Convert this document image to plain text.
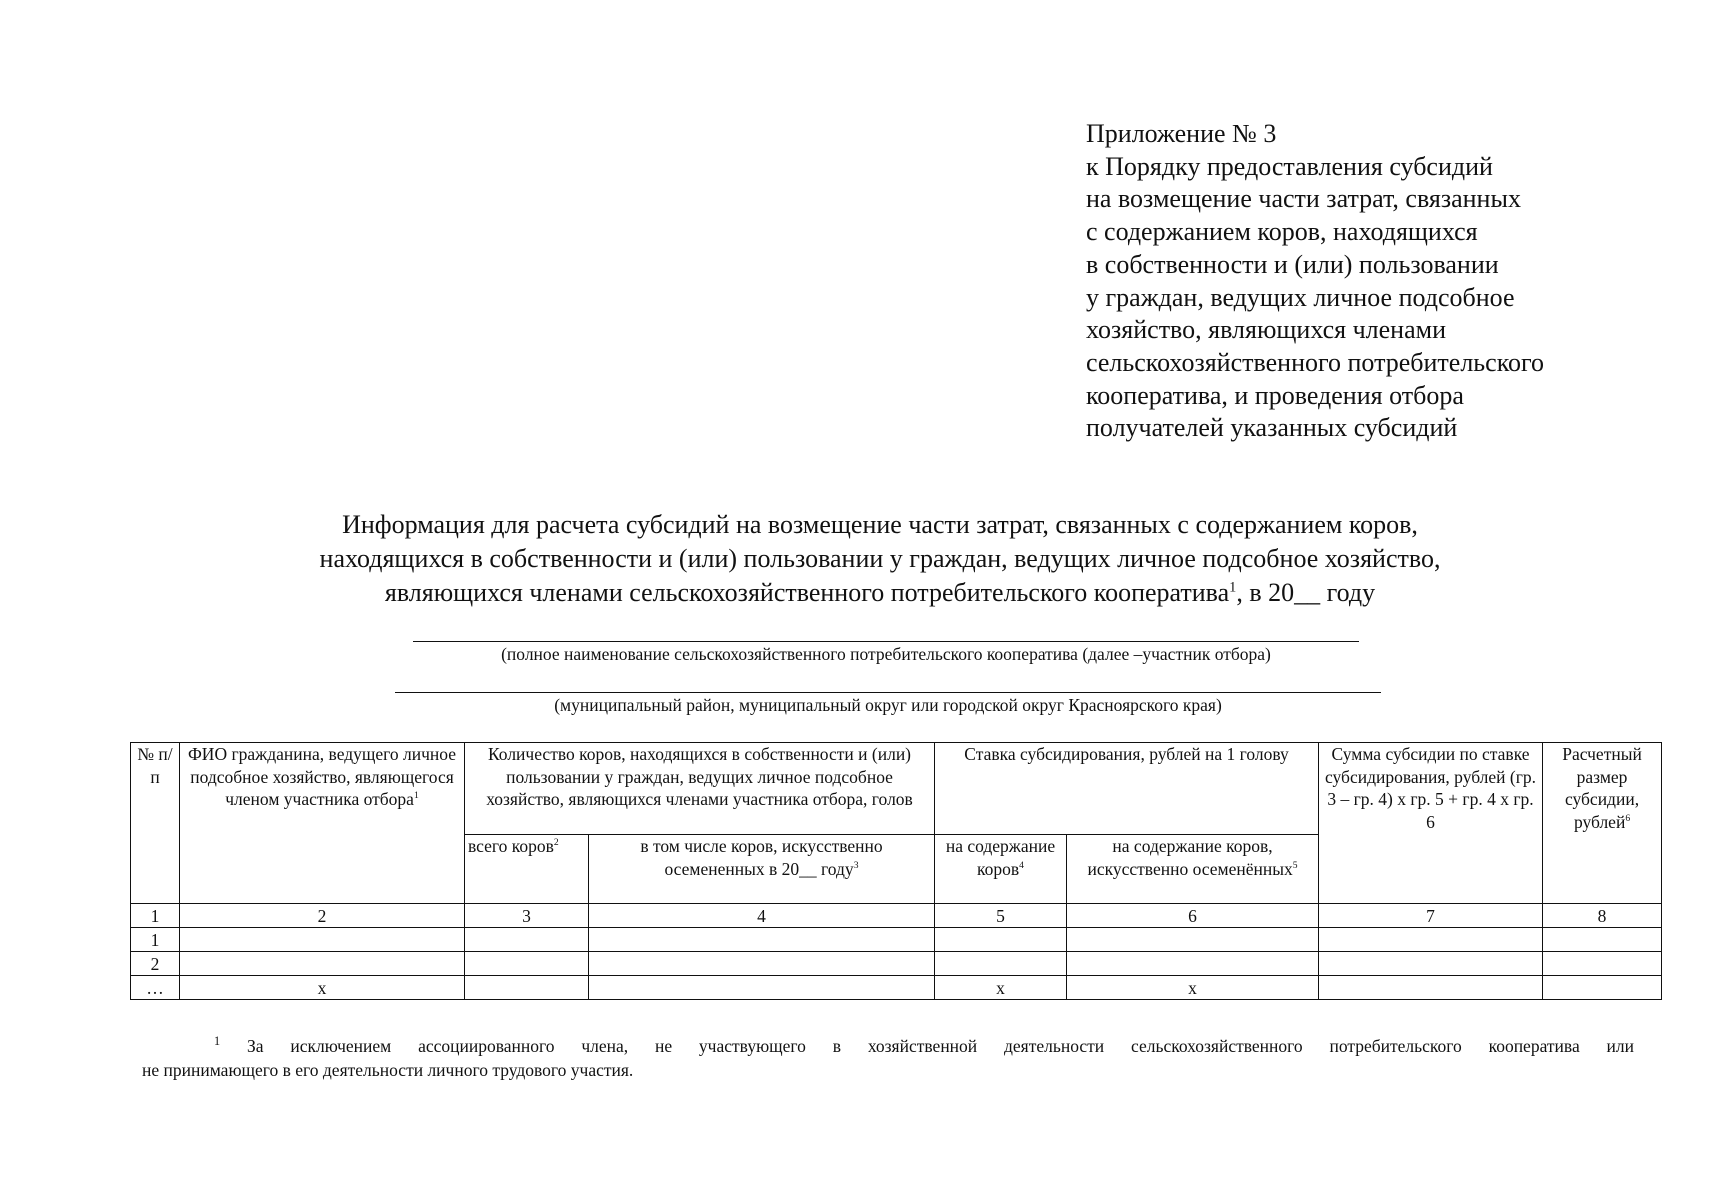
Приложение № 3
к Порядку предоставления субсидий
на возмещение части затрат, связанных
с содержанием коров, находящихся
в собственности и (или) пользовании
у граждан, ведущих личное подсобное
хозяйство, являющихся членами
сельскохозяйственного потребительского
кооператива, и проведения отбора
получателей указанных субсидий
Информация для расчета субсидий на возмещение части затрат, связанных с содержанием коров,
находящихся в собственности и (или) пользовании у граждан, ведущих личное подсобное хозяйство,
являющихся членами сельскохозяйственного потребительского кооператива$^1$, в 20__ году
(полное наименование сельскохозяйственного потребительского кооператива (далее –участник отбора)
(муниципальный район, муниципальный округ или городской округ Красноярского края)
№ п/п	ФИО гражданина, ведущего личное подсобное хозяйство, являющегося членом участника отбора$^1$	Количество коров, находящихся в собственности и (или) пользовании у граждан, ведущих личное подсобное хозяйство, являющихся членами участника отбора, голов		Ставка субсидирования, рублей на 1 голову		Сумма субсидии по ставке субсидирования, рублей (гр. 3 – гр. 4) х гр. 5 + гр. 4 х гр. 6	Расчетный размер субсидии, рублей$^6$
		всего коров$^2$	в том числе коров, искусственно осемененных в 20__ году$^3$	на содержание коров$^4$	на содержание коров, искусственно осеменённых$^5$
1	2	3	4	5	6	7	8
1							
2							
…	х			х	х		
$^1$ За исключением ассоциированного члена, не участвующего в хозяйственной деятельности сельскохозяйственного потребительского кооператива или
не принимающего в его деятельности личного трудового участия.
